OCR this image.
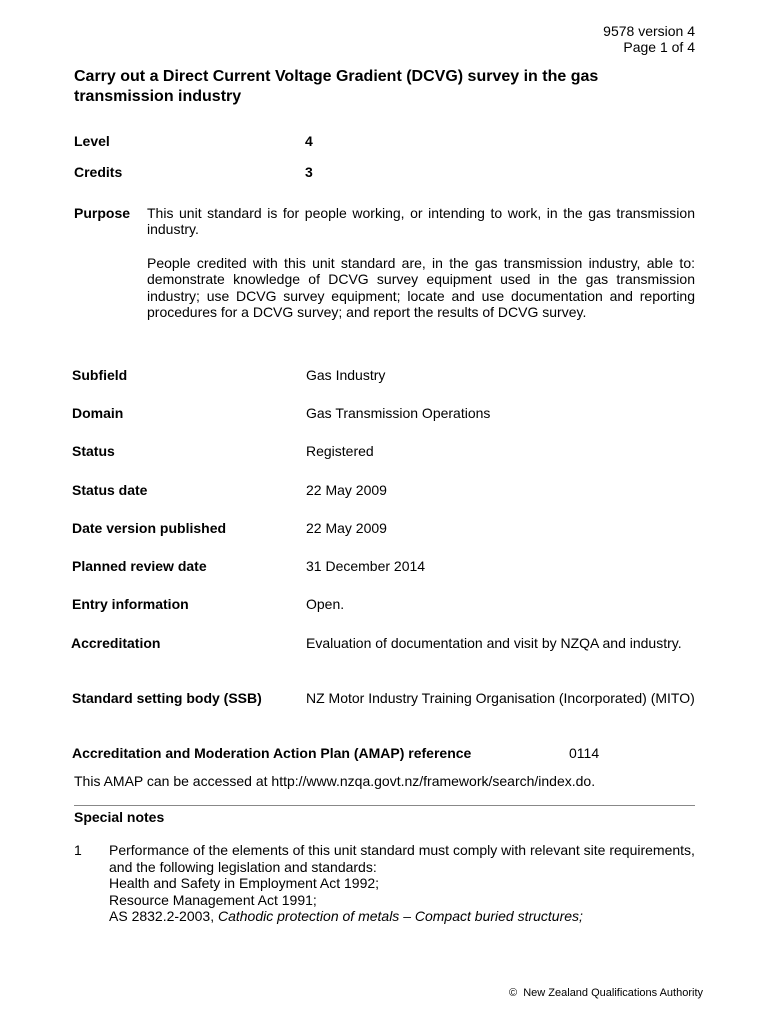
9578 version 4
Page 1 of 4
Carry out a Direct Current Voltage Gradient (DCVG) survey in the gas transmission industry
Level	4
Credits	3
Purpose This unit standard is for people working, or intending to work, in the gas transmission industry.
People credited with this unit standard are, in the gas transmission industry, able to: demonstrate knowledge of DCVG survey equipment used in the gas transmission industry; use DCVG survey equipment; locate and use documentation and reporting procedures for a DCVG survey; and report the results of DCVG survey.
Subfield	Gas Industry
Domain	Gas Transmission Operations
Status	Registered
Status date	22 May 2009
Date version published	22 May 2009
Planned review date	31 December 2014
Entry information	Open.
Accreditation	Evaluation of documentation and visit by NZQA and industry.
Standard setting body (SSB)	NZ Motor Industry Training Organisation (Incorporated) (MITO)
Accreditation and Moderation Action Plan (AMAP) reference	0114
This AMAP can be accessed at http://www.nzqa.govt.nz/framework/search/index.do.
Special notes
1 Performance of the elements of this unit standard must comply with relevant site requirements, and the following legislation and standards:
Health and Safety in Employment Act 1992;
Resource Management Act 1991;
AS 2832.2-2003, Cathodic protection of metals – Compact buried structures;
© New Zealand Qualifications Authority
